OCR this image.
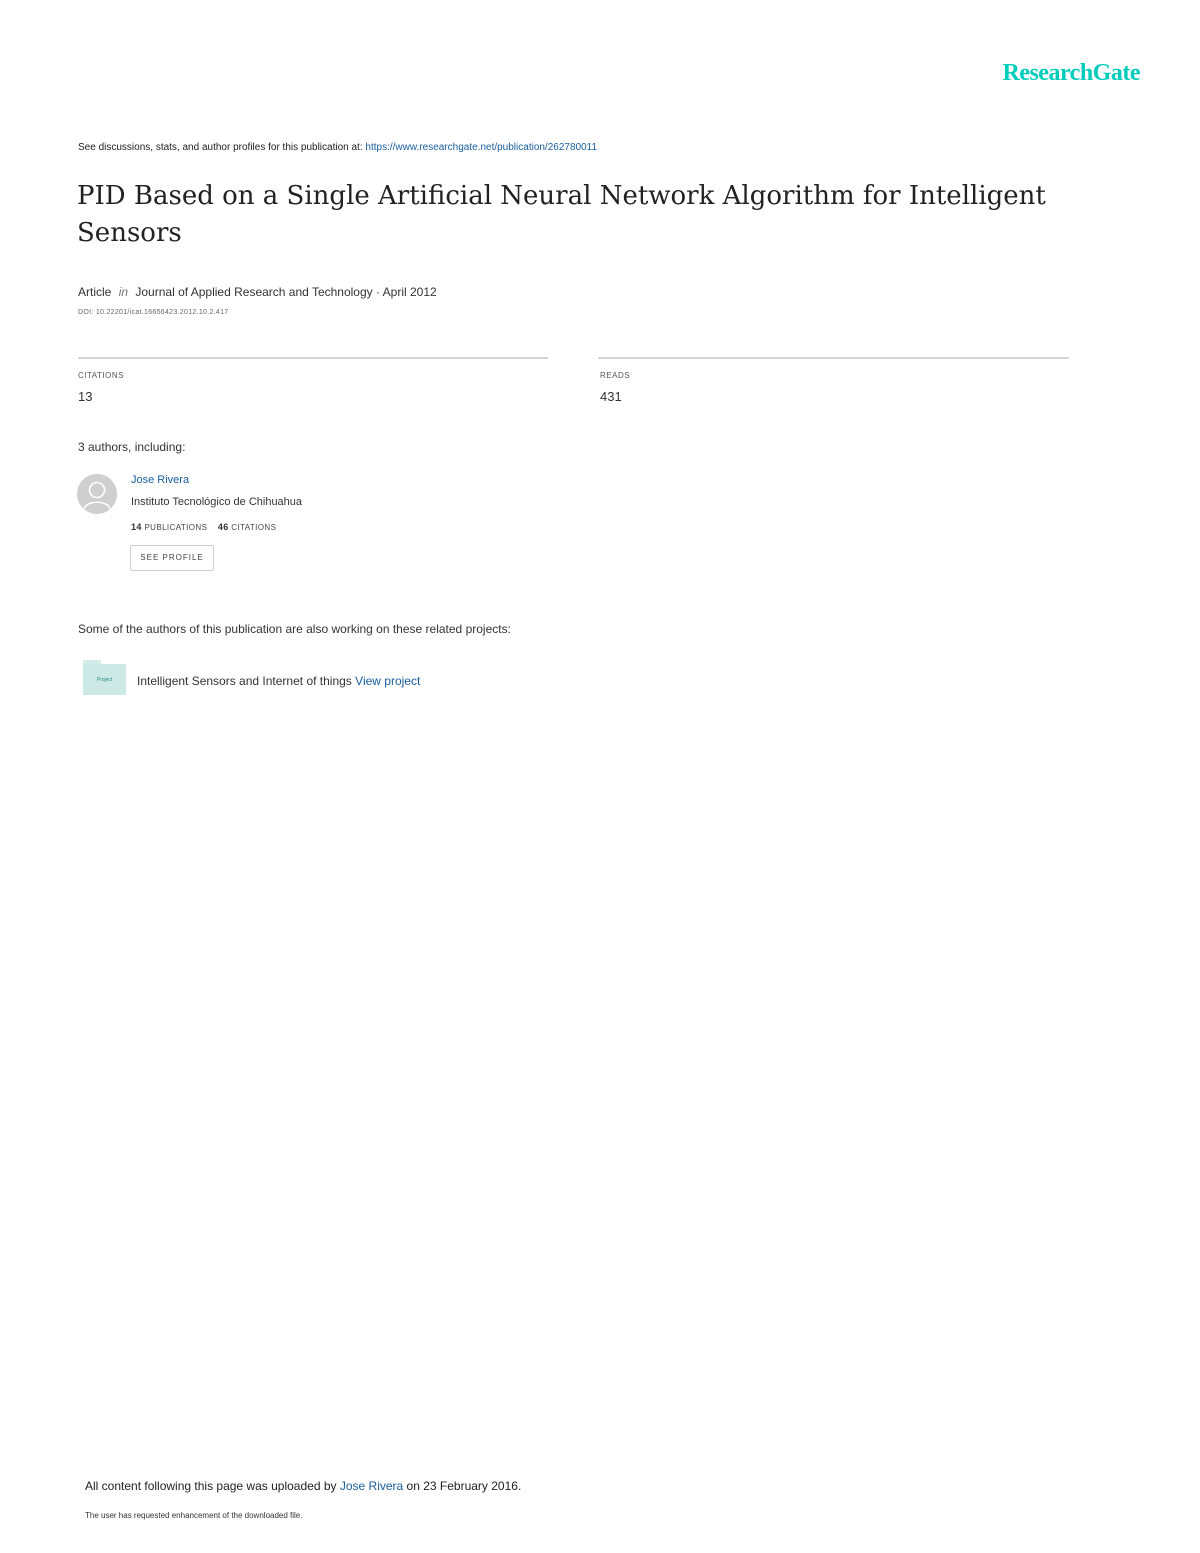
ResearchGate
See discussions, stats, and author profiles for this publication at: https://www.researchgate.net/publication/262780011
PID Based on a Single Artificial Neural Network Algorithm for Intelligent Sensors
Article in Journal of Applied Research and Technology · April 2012
DOI: 10.22201/icat.16656423.2012.10.2.417
CITATIONS
13
READS
431
3 authors, including:
Jose Rivera
Instituto Tecnológico de Chihuahua
14 PUBLICATIONS 46 CITATIONS
SEE PROFILE
Some of the authors of this publication are also working on these related projects:
Project	Intelligent Sensors and Internet of things View project
All content following this page was uploaded by Jose Rivera on 23 February 2016.
The user has requested enhancement of the downloaded file.
